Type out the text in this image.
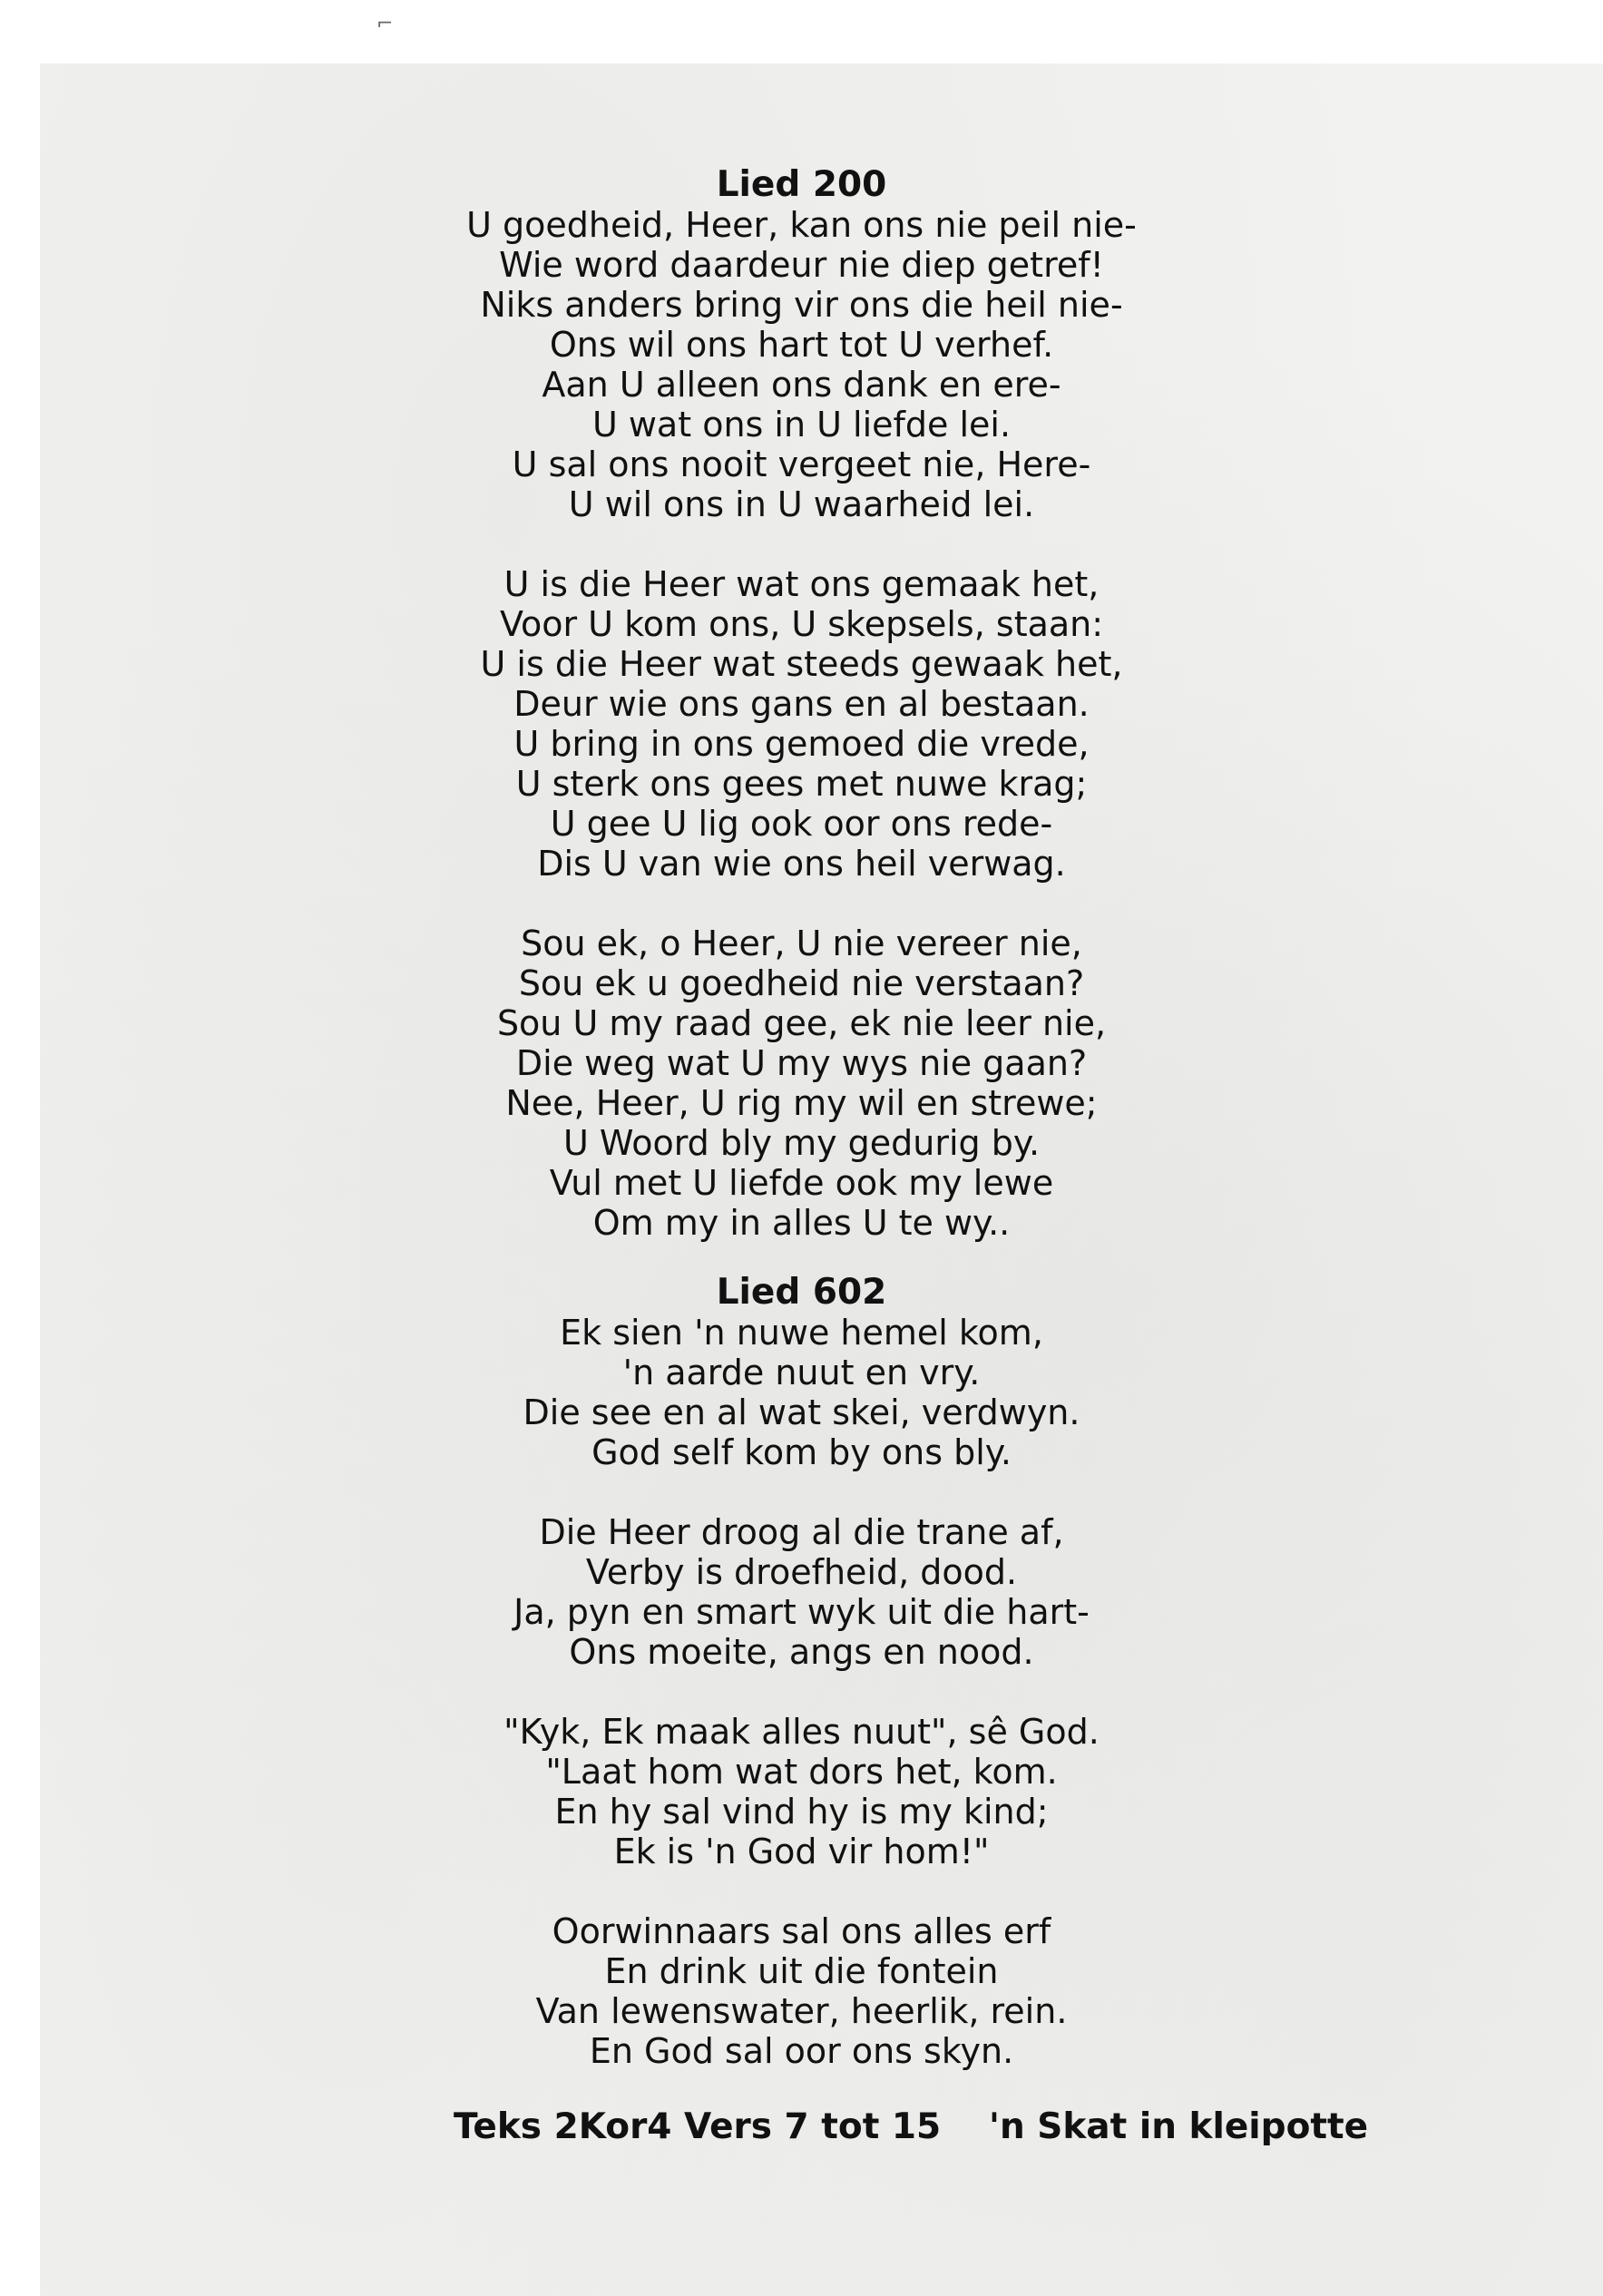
⌐
Lied 200
U goedheid, Heer, kan ons nie peil nie-
Wie word daardeur nie diep getref!
Niks anders bring vir ons die heil nie-
Ons wil ons hart tot U verhef.
Aan U alleen ons dank en ere-
U wat ons in U liefde lei.
U sal ons nooit vergeet nie, Here-
U wil ons in U waarheid lei.
U is die Heer wat ons gemaak het,
Voor U kom ons, U skepsels, staan:
U is die Heer wat steeds gewaak het,
Deur wie ons gans en al bestaan.
U bring in ons gemoed die vrede,
U sterk ons gees met nuwe krag;
U gee U lig ook oor ons rede-
Dis U van wie ons heil verwag.
Sou ek, o Heer, U nie vereer nie,
Sou ek u goedheid nie verstaan?
Sou U my raad gee, ek nie leer nie,
Die weg wat U my wys nie gaan?
Nee, Heer, U rig my wil en strewe;
U Woord bly my gedurig by.
Vul met U liefde ook my lewe
Om my in alles U te wy..
Lied 602
Ek sien 'n nuwe hemel kom,
'n aarde nuut en vry.
Die see en al wat skei, verdwyn.
God self kom by ons bly.
Die Heer droog al die trane af,
Verby is droefheid, dood.
Ja, pyn en smart wyk uit die hart-
Ons moeite, angs en nood.
"Kyk, Ek maak alles nuut", sê God.
"Laat hom wat dors het, kom.
En hy sal vind hy is my kind;
Ek is 'n God vir hom!"
Oorwinnaars sal ons alles erf
En drink uit die fontein
Van lewenswater, heerlik, rein.
En God sal oor ons skyn.
Teks 2Kor4 Vers 7 tot 15 'n Skat in kleipotte
